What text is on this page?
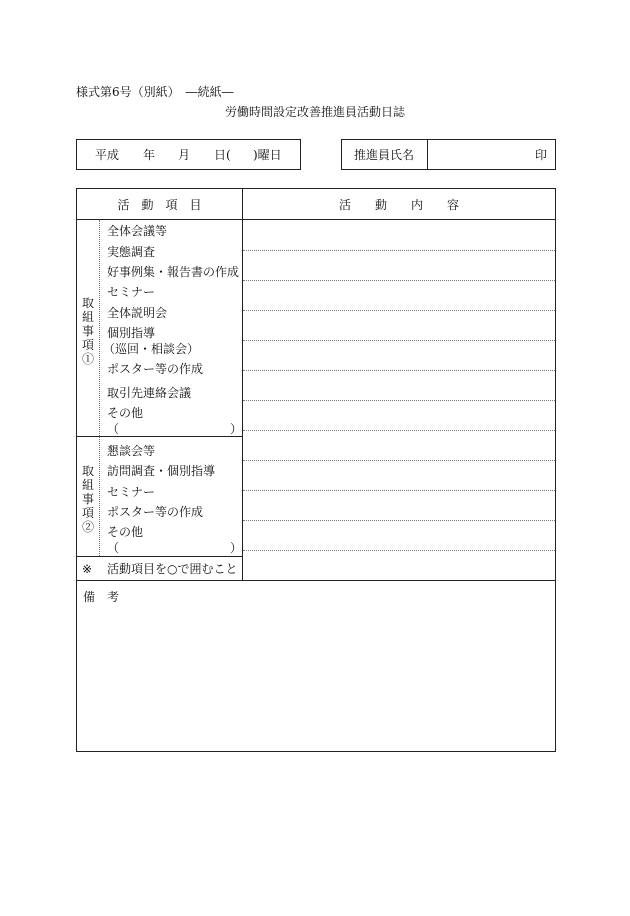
様式第6号（別紙）　―続紙―
労働時間設定改善推進員活動日誌
平成 年 月 日( )曜日	推進員氏名	印
活　動　項　目	活　　動　　内　　容
取組事項①
全体会議等
実態調査
好事例集・報告書の作成
セミナー
全体説明会
個別指導
（巡回・相談会）
ポスター等の作成
取引先連絡会議
その他
（	）
取組事項②
懇談会等
訪問調査・個別指導
セミナー
ポスター等の作成
その他
（	）
※ 活動項目を○で囲むこと
備　考
